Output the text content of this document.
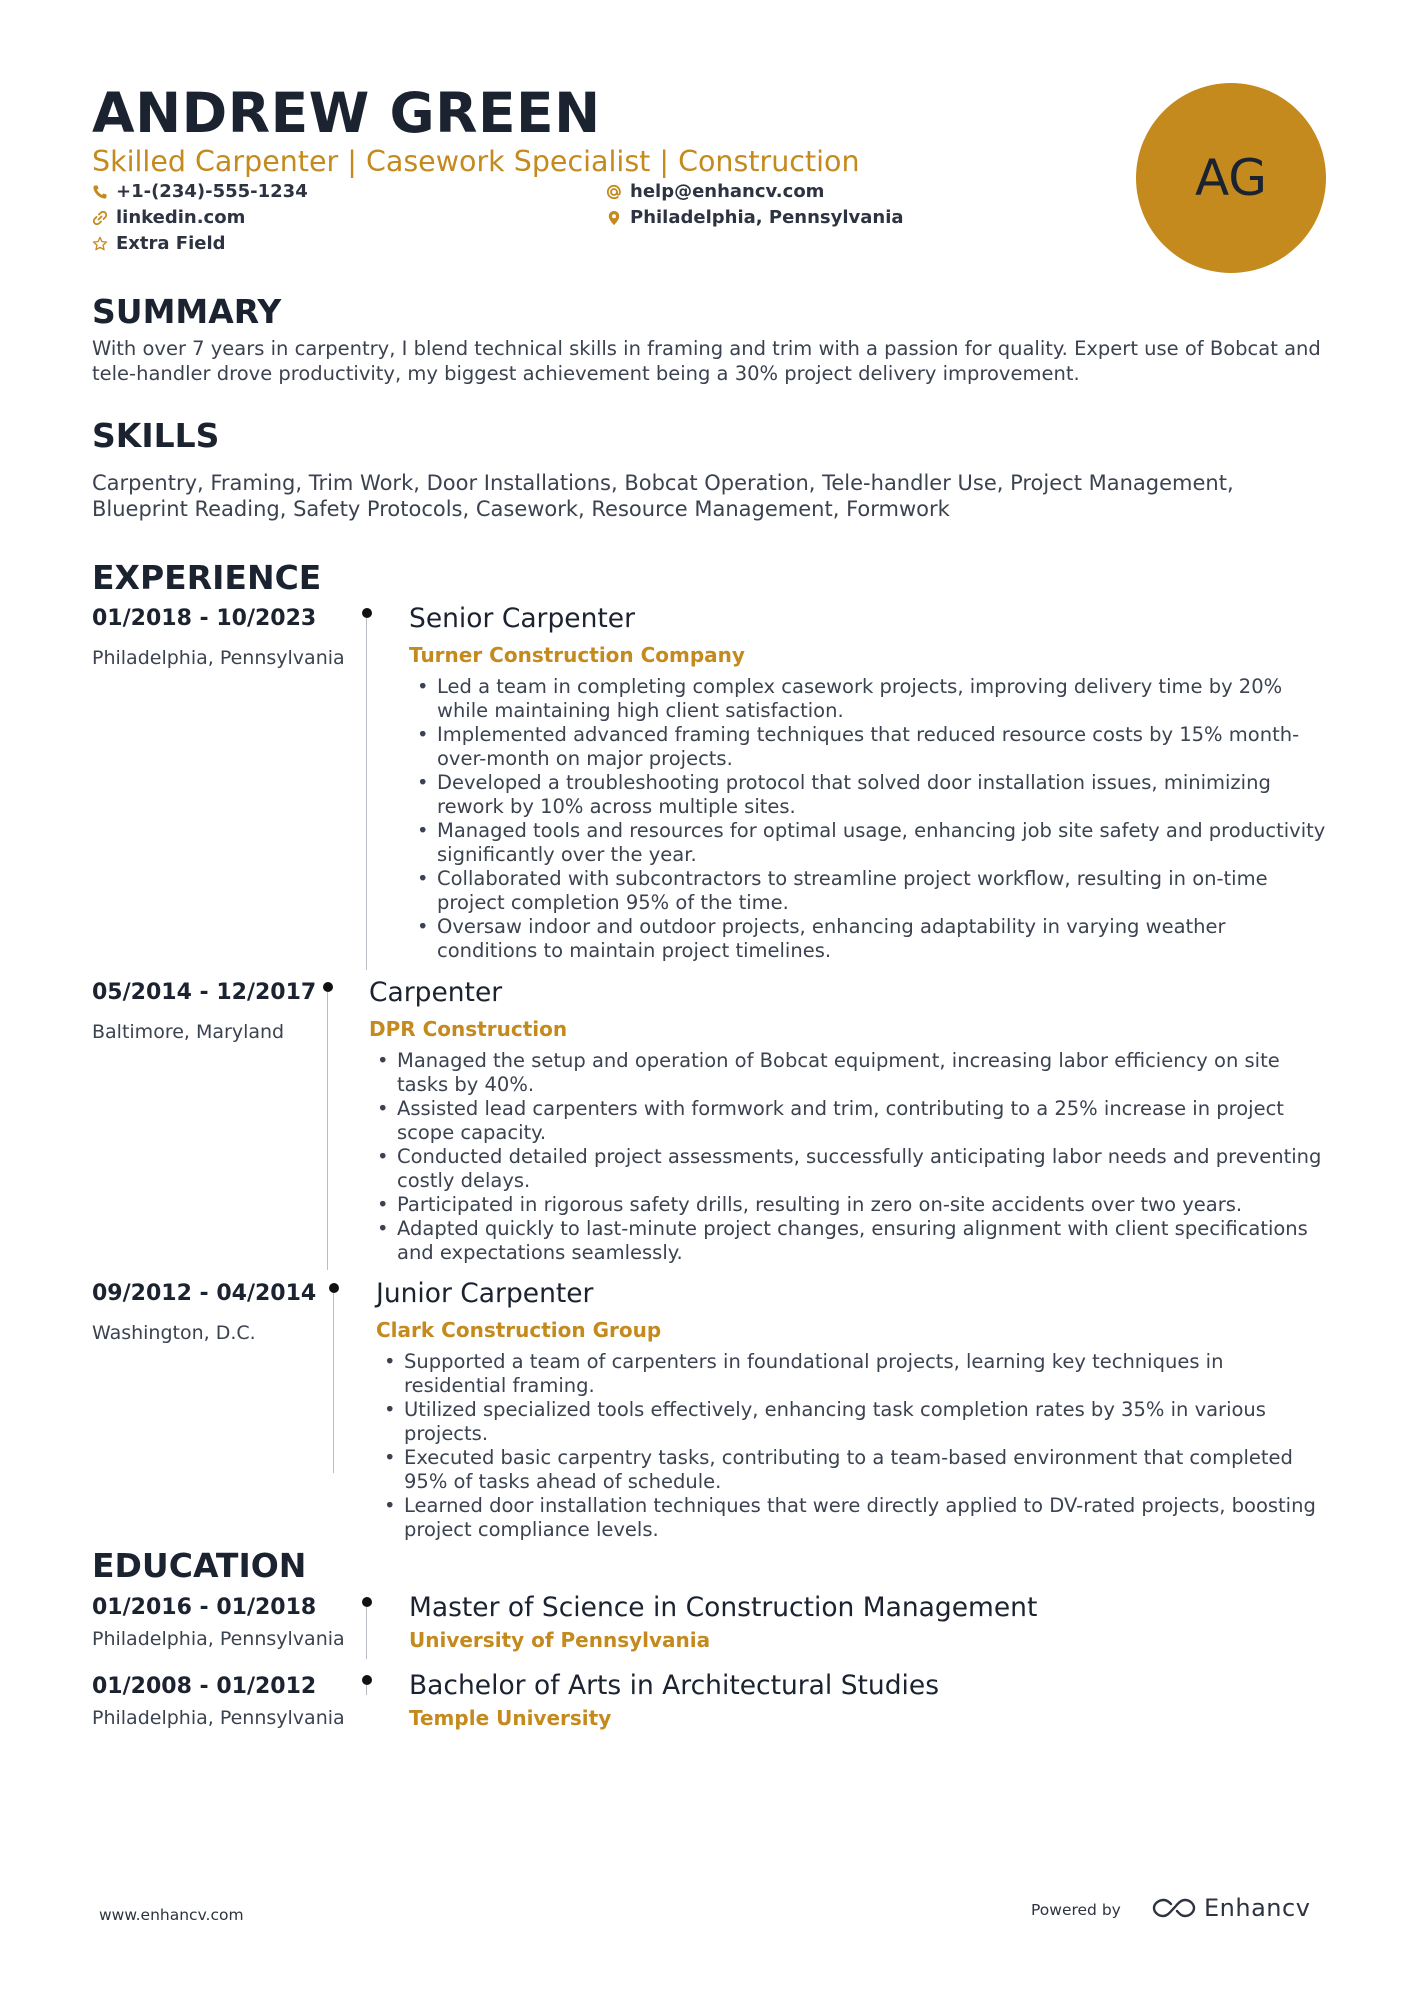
ANDREW GREEN
Skilled Carpenter | Casework Specialist | Construction
+1-(234)-555-1234	help@enhancv.com
linkedin.com	Philadelphia, Pennsylvania
Extra Field
AG
SUMMARY
With over 7 years in carpentry, I blend technical skills in framing and trim with a passion for quality. Expert use of Bobcat and tele-handler drove productivity, my biggest achievement being a 30% project delivery improvement.
SKILLS
Carpentry, Framing, Trim Work, Door Installations, Bobcat Operation, Tele-handler Use, Project Management, Blueprint Reading, Safety Protocols, Casework, Resource Management, Formwork
EXPERIENCE
01/2018 - 10/2023
Philadelphia, Pennsylvania
Senior Carpenter
Turner Construction Company
• Led a team in completing complex casework projects, improving delivery time by 20% while maintaining high client satisfaction.
• Implemented advanced framing techniques that reduced resource costs by 15% month-over-month on major projects.
• Developed a troubleshooting protocol that solved door installation issues, minimizing rework by 10% across multiple sites.
• Managed tools and resources for optimal usage, enhancing job site safety and productivity significantly over the year.
• Collaborated with subcontractors to streamline project workflow, resulting in on-time project completion 95% of the time.
• Oversaw indoor and outdoor projects, enhancing adaptability in varying weather conditions to maintain project timelines.
05/2014 - 12/2017
Baltimore, Maryland
Carpenter
DPR Construction
• Managed the setup and operation of Bobcat equipment, increasing labor efficiency on site tasks by 40%.
• Assisted lead carpenters with formwork and trim, contributing to a 25% increase in project scope capacity.
• Conducted detailed project assessments, successfully anticipating labor needs and preventing costly delays.
• Participated in rigorous safety drills, resulting in zero on-site accidents over two years.
• Adapted quickly to last-minute project changes, ensuring alignment with client specifications and expectations seamlessly.
09/2012 - 04/2014
Washington, D.C.
Junior Carpenter
Clark Construction Group
• Supported a team of carpenters in foundational projects, learning key techniques in residential framing.
• Utilized specialized tools effectively, enhancing task completion rates by 35% in various projects.
• Executed basic carpentry tasks, contributing to a team-based environment that completed 95% of tasks ahead of schedule.
• Learned door installation techniques that were directly applied to DV-rated projects, boosting project compliance levels.
EDUCATION
01/2016 - 01/2018
Philadelphia, Pennsylvania
Master of Science in Construction Management
University of Pennsylvania
01/2008 - 01/2012
Philadelphia, Pennsylvania
Bachelor of Arts in Architectural Studies
Temple University
www.enhancv.com	Powered by	Enhancv
